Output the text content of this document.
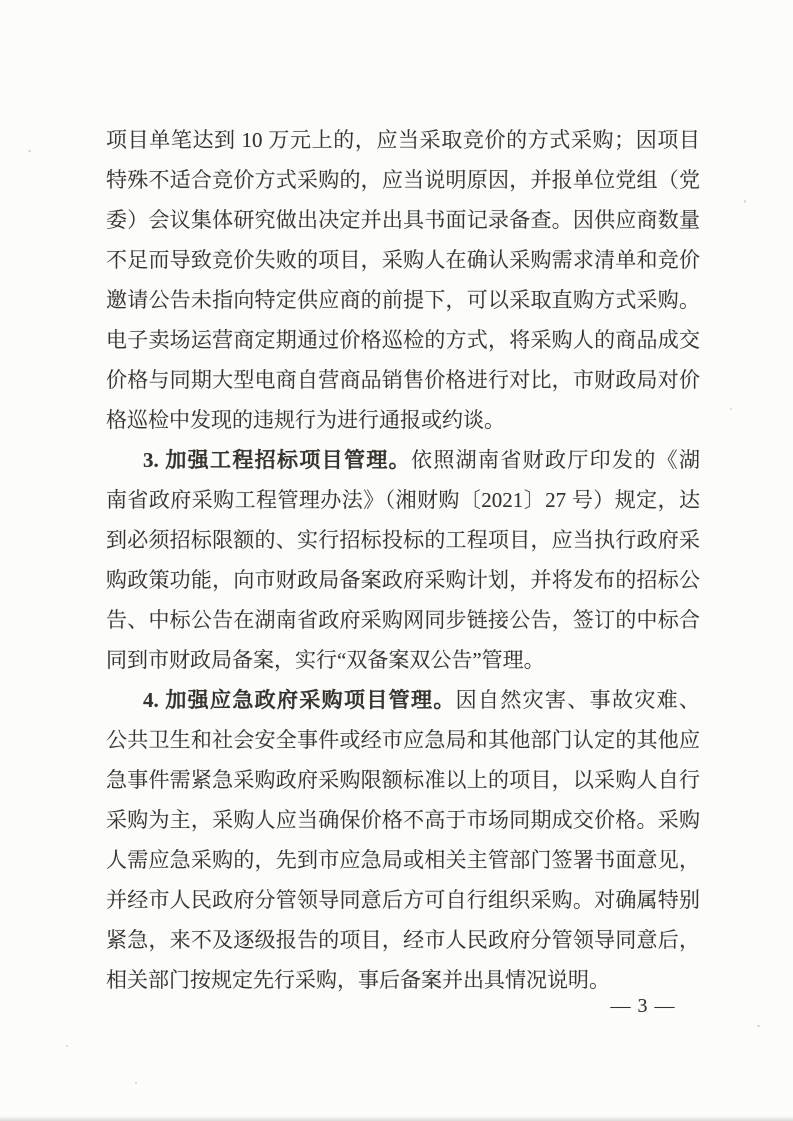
项目单笔达到 10 万元上的，应当采取竞价的方式采购；因项目
特殊不适合竞价方式采购的，应当说明原因，并报单位党组（党
委）会议集体研究做出决定并出具书面记录备查。因供应商数量
不足而导致竞价失败的项目，采购人在确认采购需求清单和竞价
邀请公告未指向特定供应商的前提下，可以采取直购方式采购。
电子卖场运营商定期通过价格巡检的方式，将采购人的商品成交
价格与同期大型电商自营商品销售价格进行对比，市财政局对价
格巡检中发现的违规行为进行通报或约谈。
3. 加强工程招标项目管理。依照湖南省财政厅印发的《湖
南省政府采购工程管理办法》（湘财购〔2021〕27 号）规定，达
到必须招标限额的、实行招标投标的工程项目，应当执行政府采
购政策功能，向市财政局备案政府采购计划，并将发布的招标公
告、中标公告在湖南省政府采购网同步链接公告，签订的中标合
同到市财政局备案，实行“双备案双公告”管理。
4. 加强应急政府采购项目管理。因自然灾害、事故灾难、
公共卫生和社会安全事件或经市应急局和其他部门认定的其他应
急事件需紧急采购政府采购限额标准以上的项目，以采购人自行
采购为主，采购人应当确保价格不高于市场同期成交价格。采购
人需应急采购的，先到市应急局或相关主管部门签署书面意见，
并经市人民政府分管领导同意后方可自行组织采购。对确属特别
紧急，来不及逐级报告的项目，经市人民政府分管领导同意后，
相关部门按规定先行采购，事后备案并出具情况说明。
— 3 —
